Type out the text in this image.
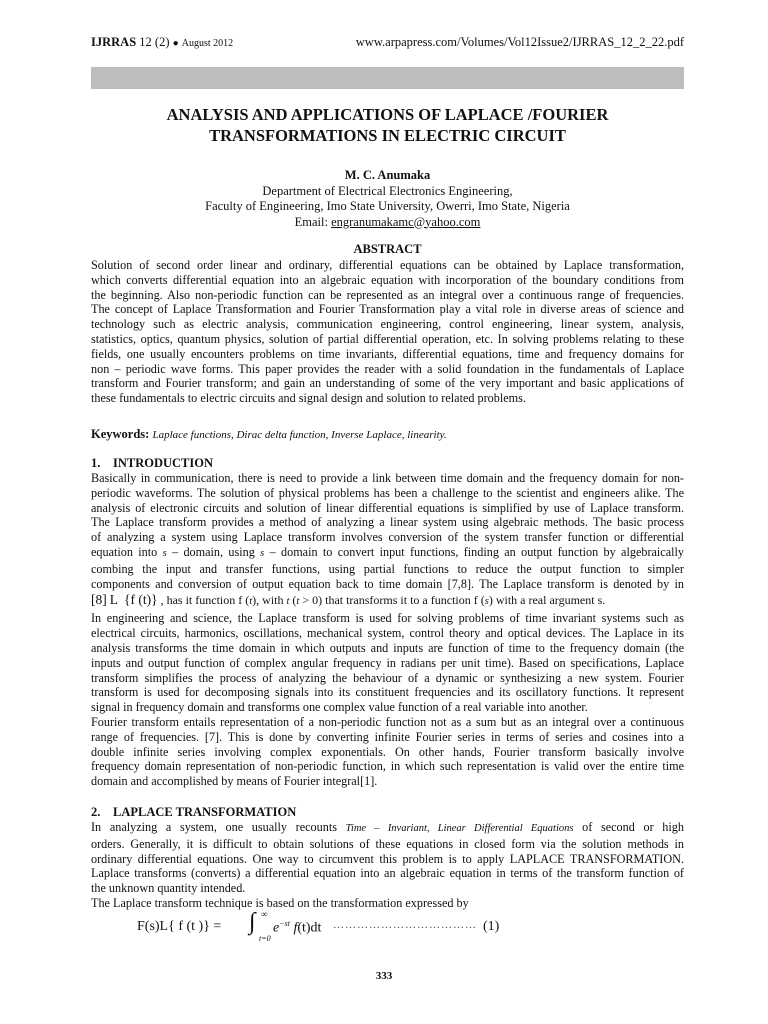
IJRRAS 12 (2) ● August 2012	www.arpapress.com/Volumes/Vol12Issue2/IJRRAS_12_2_22.pdf
ANALYSIS AND APPLICATIONS OF LAPLACE /FOURIER
TRANSFORMATIONS IN ELECTRIC CIRCUIT
M. C. Anumaka
Department of Electrical Electronics Engineering,
Faculty of Engineering, Imo State University, Owerri, Imo State, Nigeria
Email: engranumakamc@yahoo.com
ABSTRACT
Solution of second order linear and ordinary, differential equations can be obtained by Laplace transformation,
which converts differential equation into an algebraic equation with incorporation of the boundary conditions from
the beginning. Also non-periodic function can be represented as an integral over a continuous range of frequencies.
The concept of Laplace Transformation and Fourier Transformation play a vital role in diverse areas of science and
technology such as electric analysis, communication engineering, control engineering, linear system, analysis,
statistics, optics, quantum physics, solution of partial differential operation, etc. In solving problems relating to these
fields, one usually encounters problems on time invariants, differential equations, time and frequency domains for
non – periodic wave forms. This paper provides the reader with a solid foundation in the fundamentals of Laplace
transform and Fourier transform; and gain an understanding of some of the very important and basic applications of
these fundamentals to electric circuits and signal design and solution to related problems.
Keywords: Laplace functions, Dirac delta function, Inverse Laplace, linearity.
1. INTRODUCTION
Basically in communication, there is need to provide a link between time domain and the frequency domain for non-
periodic waveforms. The solution of physical problems has been a challenge to the scientist and engineers alike. The
analysis of electronic circuits and solution of linear differential equations is simplified by use of Laplace transform.
The Laplace transform provides a method of analyzing a linear system using algebraic methods. The basic process
of analyzing a system using Laplace transform involves conversion of the system transfer function or differential
equation into s – domain, using s – domain to convert input functions, finding an output function by algebraically
combing the input and transfer functions, using partial functions to reduce the output function to simpler
components and conversion of output equation back to time domain [7,8]. The Laplace transform is denoted by in
[8] L {f (t)} , has it function f (t), with t (t > 0) that transforms it to a function f (s) with a real argument s.
In engineering and science, the Laplace transform is used for solving problems of time invariant systems such as
electrical circuits, harmonics, oscillations, mechanical system, control theory and optical devices. The Laplace in its
analysis transforms the time domain in which outputs and inputs are function of time to the frequency domain (the
inputs and output function of complex angular frequency in radians per unit time). Based on specifications, Laplace
transform simplifies the process of analyzing the behaviour of a dynamic or synthesizing a new system. Fourier
transform is used for decomposing signals into its constituent frequencies and its oscillatory functions. It represent
signal in frequency domain and transforms one complex value function of a real variable into another.
Fourier transform entails representation of a non-periodic function not as a sum but as an integral over a continuous
range of frequencies. [7]. This is done by converting infinite Fourier series in terms of series and cosines into a
double infinite series involving complex exponentials. On other hands, Fourier transform basically involve
frequency domain representation of non-periodic function, in which such representation is valid over the entire time
domain and accomplished by means of Fourier integral[1].
2. LAPLACE TRANSFORMATION
In analyzing a system, one usually recounts Time – Invariant, Linear Differential Equations of second or high
orders. Generally, it is difficult to obtain solutions of these equations in closed form via the solution methods in
ordinary differential equations. One way to circumvent this problem is to apply LAPLACE TRANSFORMATION.
Laplace transforms (converts) a differential equation into an algebraic equation in terms of the transform function of
the unknown quantity intended.
The Laplace transform technique is based on the transformation expressed by
F(s)L{ f (t )} = ∫ ∞
t=0
$e^{-st}$ f(t)dt ……………………………… (1)
333
